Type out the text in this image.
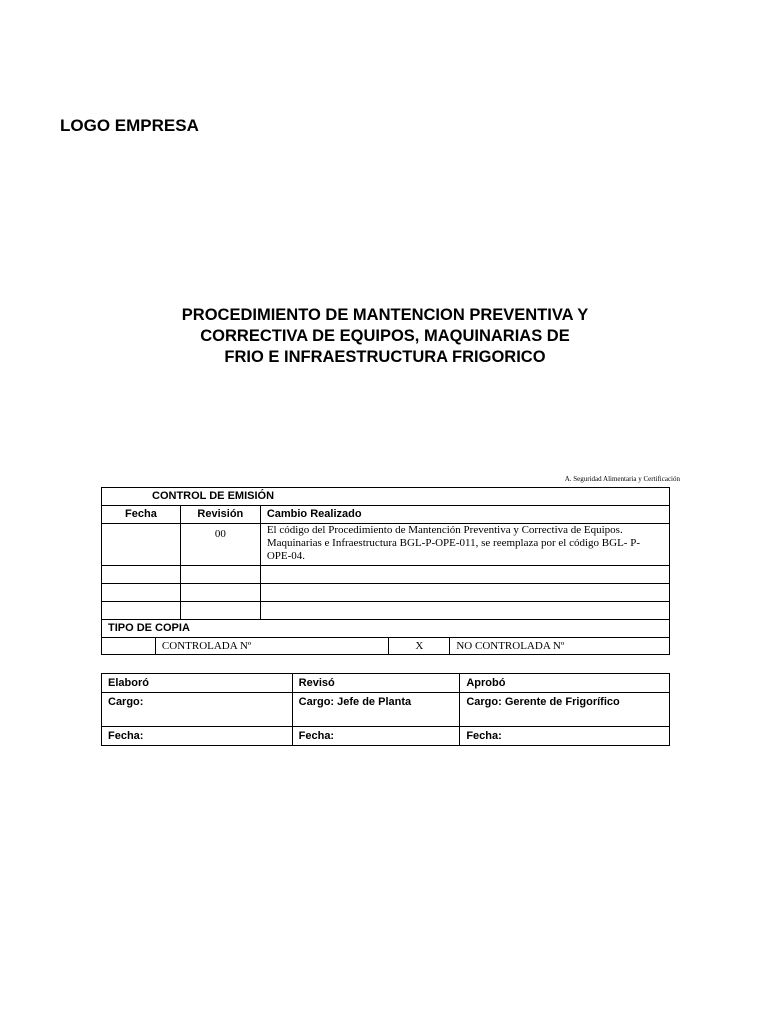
LOGO EMPRESA
PROCEDIMIENTO DE MANTENCION PREVENTIVA Y
CORRECTIVA DE EQUIPOS, MAQUINARIAS DE
FRIO E INFRAESTRUCTURA FRIGORICO
A. Seguridad Alimentaria y Certificación
CONTROL DE EMISIÓN					
Fecha		Revisión	Cambio Realizado		
		00	El código del Procedimiento de Mantención Preventiva y Correctiva de Equipos. Maquinarias e Infraestructura BGL-P-OPE-011, se reemplaza por el código BGL- P-OPE-04.		

TIPO DE COPIA					
	CONTROLADA Nº			X	NO CONTROLADA Nº
Elaboró	Revisó	Aprobó
Cargo:	Cargo: Jefe de Planta	Cargo: Gerente de Frigorífico
Fecha:	Fecha:	Fecha:
